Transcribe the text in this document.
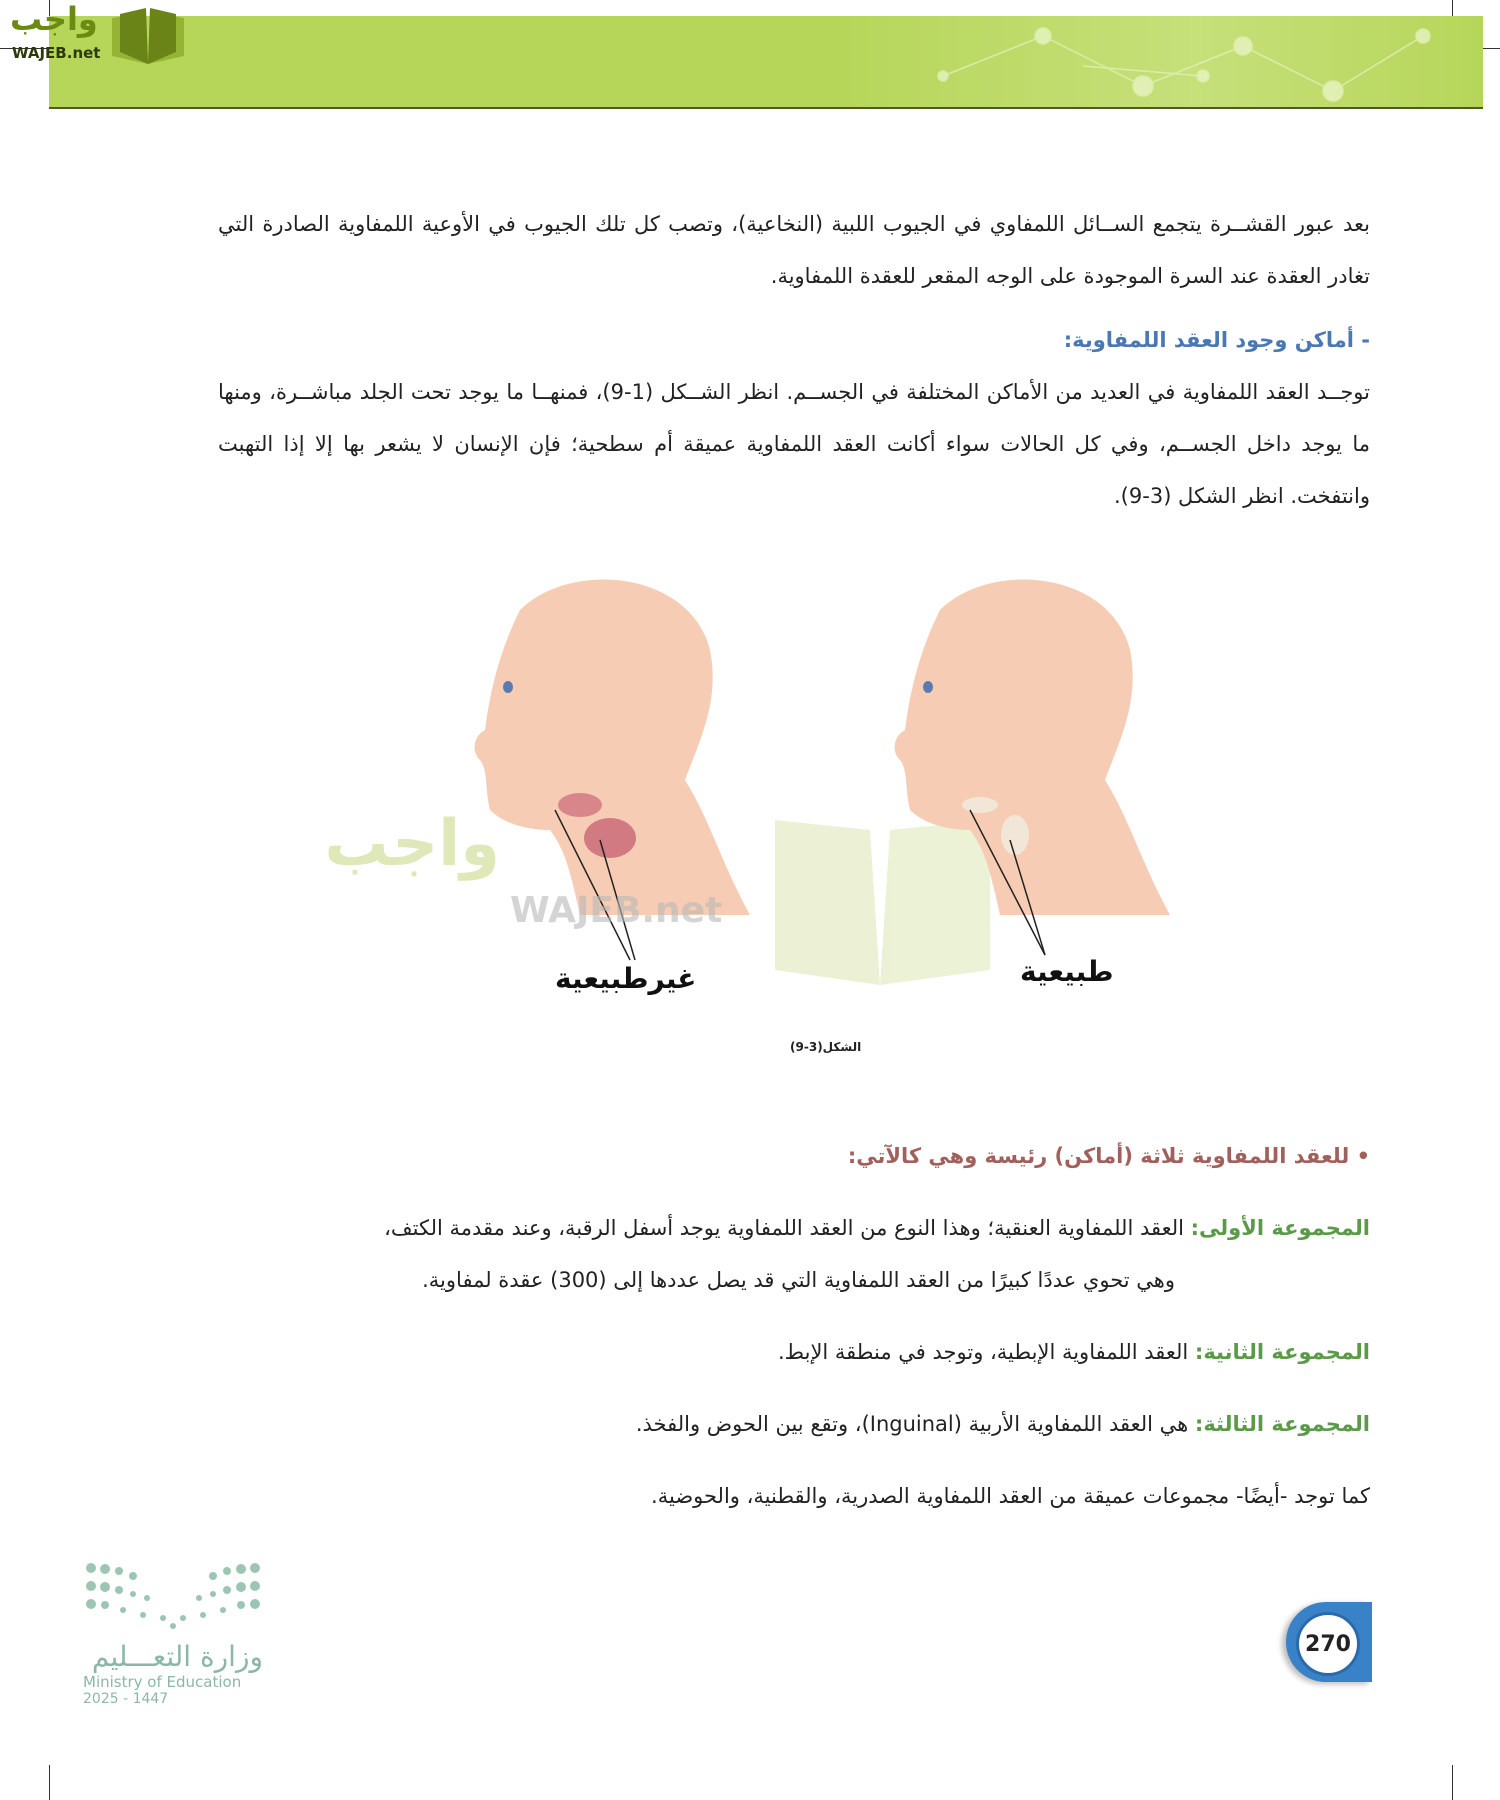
واجب
WAJEB.net
بعد عبور القشــرة يتجمع الســائل اللمفاوي في الجيوب اللبية (النخاعية)، وتصب كل تلك الجيوب في الأوعية اللمفاوية الصادرة التي تغادر العقدة عند السرة الموجودة على الوجه المقعر للعقدة اللمفاوية.
- أماكن وجود العقد اللمفاوية:
توجــد العقد اللمفاوية في العديد من الأماكن المختلفة في الجســم. انظر الشــكل (1-9)، فمنهــا ما يوجد تحت الجلد مباشــرة، ومنها ما يوجد داخل الجســم، وفي كل الحالات سواء أكانت العقد اللمفاوية عميقة أم سطحية؛ فإن الإنسان لا يشعر بها إلا إذا التهبت وانتفخت. انظر الشكل (3-9).
واجب
WAJEB.net
غيرطبيعية	طبيعية
الشكل(3-9)
• للعقد اللمفاوية ثلاثة (أماكن) رئيسة وهي كالآتي:
المجموعة الأولى: العقد اللمفاوية العنقية؛ وهذا النوع من العقد اللمفاوية يوجد أسفل الرقبة، وعند مقدمة الكتف،
وهي تحوي عددًا كبيرًا من العقد اللمفاوية التي قد يصل عددها إلى (300) عقدة لمفاوية.
المجموعة الثانية: العقد اللمفاوية الإبطية، وتوجد في منطقة الإبط.
المجموعة الثالثة: هي العقد اللمفاوية الأربية (Inguinal)، وتقع بين الحوض والفخذ.
كما توجد -أيضًا- مجموعات عميقة من العقد اللمفاوية الصدرية، والقطنية، والحوضية.
وزارة التعـــليم
Ministry of Education
2025 - 1447
270
